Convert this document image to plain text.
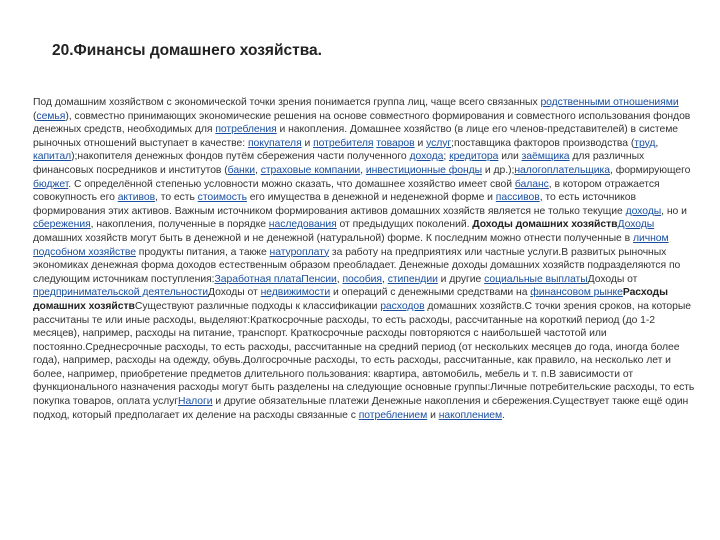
20.Финансы домашнего хозяйства.

Под домашним хозяйством с экономической точки зрения понимается группа лиц, чаще всего связанных родственными отношениями (семья), совместно принимающих экономические решения на основе совместного формирования и совместного использования фондов денежных средств, необходимых для потребления и накопления. Домашнее хозяйство (в лице его членов-представителей) в системе рыночных отношений выступает в качестве: покупателя и потребителя товаров и услуг;поставщика факторов производства (труд, капитал);накопителя денежных фондов путём сбережения части полученного дохода; кредитора или заёмщика для различных финансовых посредников и институтов (банки, страховые компании, инвестиционные фонды и др.);налогоплательщика, формирующего бюджет. С определённой степенью условности можно сказать, что домашнее хозяйство имеет свой баланс, в котором отражается совокупность его активов, то есть стоимость его имущества в денежной и неденежной форме и пассивов, то есть источников формирования этих активов. Важным источником формирования активов домашних хозяйств является не только текущие доходы, но и сбережения, накопления, полученные в порядке наследования от предыдущих поколений. Доходы домашних хозяйствДоходы домашних хозяйств могут быть в денежной и не денежной (натуральной) форме. К последним можно отнести полученные в личном подсобном хозяйстве продукты питания, а также натуроплату за работу на предприятиях или частные услуги.В развитых рыночных экономиках денежная форма доходов естественным образом преобладает. Денежные доходы домашних хозяйств подразделяются по следующим источникам поступления:Заработная платаПенсии, пособия, стипендии и другие социальные выплатыДоходы от предпринимательской деятельностиДоходы от недвижимости и операций с денежными средствами на финансовом рынкеРасходы домашних хозяйствСуществуют различные подходы к классификации расходов домашних хозяйств.С точки зрения сроков, на которые рассчитаны те или иные расходы, выделяют:Краткосрочные расходы, то есть расходы, рассчитанные на короткий период (до 1-2 месяцев), например, расходы на питание, транспорт. Краткосрочные расходы повторяются с наибольшей частотой или постоянно.Среднесрочные расходы, то есть расходы, рассчитанные на средний период (от нескольких месяцев до года, иногда более года), например, расходы на одежду, обувь.Долгосрочные расходы, то есть расходы, рассчитанные, как правило, на несколько лет и более, например, приобретение предметов длительного пользования: квартира, автомобиль, мебель и т. п.В зависимости от функционального назначения расходы могут быть разделены на следующие основные группы:Личные потребительские расходы, то есть покупка товаров, оплата услугНалоги и другие обязательные платежи Денежные накопления и сбережения.Существует также ещё один подход, который предполагает их деление на расходы связанные с потреблением и накоплением.
